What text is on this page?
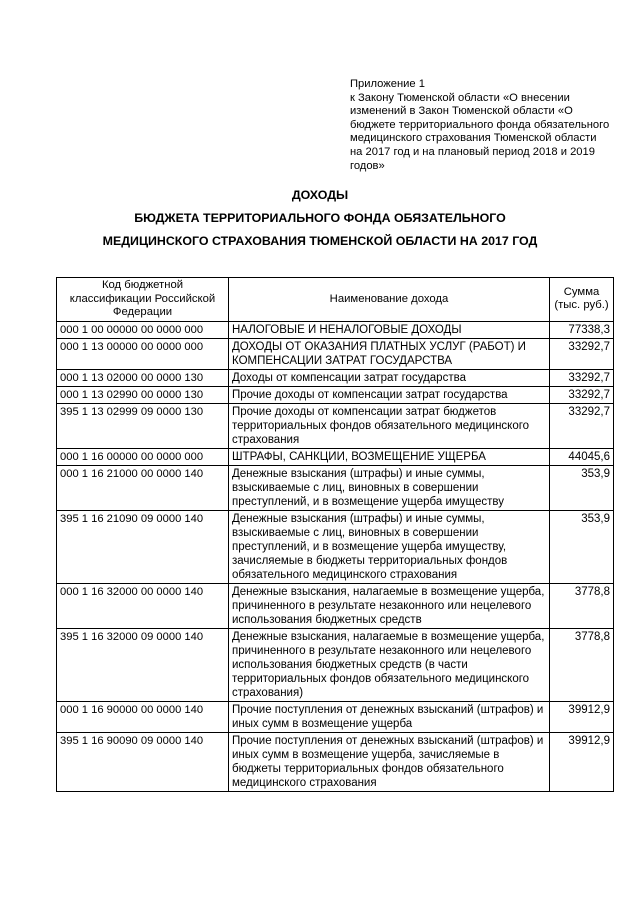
Приложение 1
к Закону Тюменской области «О внесении изменений в Закон Тюменской области «О бюджете территориального фонда обязательного медицинского страхования Тюменской области на 2017 год и на плановый период 2018 и 2019 годов»
ДОХОДЫ
БЮДЖЕТА ТЕРРИТОРИАЛЬНОГО ФОНДА ОБЯЗАТЕЛЬНОГО
МЕДИЦИНСКОГО СТРАХОВАНИЯ ТЮМЕНСКОЙ ОБЛАСТИ НА 2017 ГОД
Код бюджетной классификации Российской Федерации	Наименование дохода	Сумма (тыс. руб.)
000 1 00 00000 00 0000 000	НАЛОГОВЫЕ И НЕНАЛОГОВЫЕ ДОХОДЫ	77338,3
000 1 13 00000 00 0000 000	ДОХОДЫ ОТ ОКАЗАНИЯ ПЛАТНЫХ УСЛУГ (РАБОТ) И КОМПЕНСАЦИИ ЗАТРАТ ГОСУДАРСТВА	33292,7
000 1 13 02000 00 0000 130	Доходы от компенсации затрат государства	33292,7
000 1 13 02990 00 0000 130	Прочие доходы от компенсации затрат государства	33292,7
395 1 13 02999 09 0000 130	Прочие доходы от компенсации затрат бюджетов территориальных фондов обязательного медицинского страхования	33292,7
000 1 16 00000 00 0000 000	ШТРАФЫ, САНКЦИИ, ВОЗМЕЩЕНИЕ УЩЕРБА	44045,6
000 1 16 21000 00 0000 140	Денежные взыскания (штрафы) и иные суммы, взыскиваемые с лиц, виновных в совершении преступлений, и в возмещение ущерба имуществу	353,9
395 1 16 21090 09 0000 140	Денежные взыскания (штрафы) и иные суммы, взыскиваемые с лиц, виновных в совершении преступлений, и в возмещение ущерба имуществу, зачисляемые в бюджеты территориальных фондов обязательного медицинского страхования	353,9
000 1 16 32000 00 0000 140	Денежные взыскания, налагаемые в возмещение ущерба, причиненного в результате незаконного или нецелевого использования бюджетных средств	3778,8
395 1 16 32000 09 0000 140	Денежные взыскания, налагаемые в возмещение ущерба, причиненного в результате незаконного или нецелевого использования бюджетных средств (в части территориальных фондов обязательного медицинского страхования)	3778,8
000 1 16 90000 00 0000 140	Прочие поступления от денежных взысканий (штрафов) и иных сумм в возмещение ущерба	39912,9
395 1 16 90090 09 0000 140	Прочие поступления от денежных взысканий (штрафов) и иных сумм в возмещение ущерба, зачисляемые в бюджеты территориальных фондов обязательного медицинского страхования	39912,9
